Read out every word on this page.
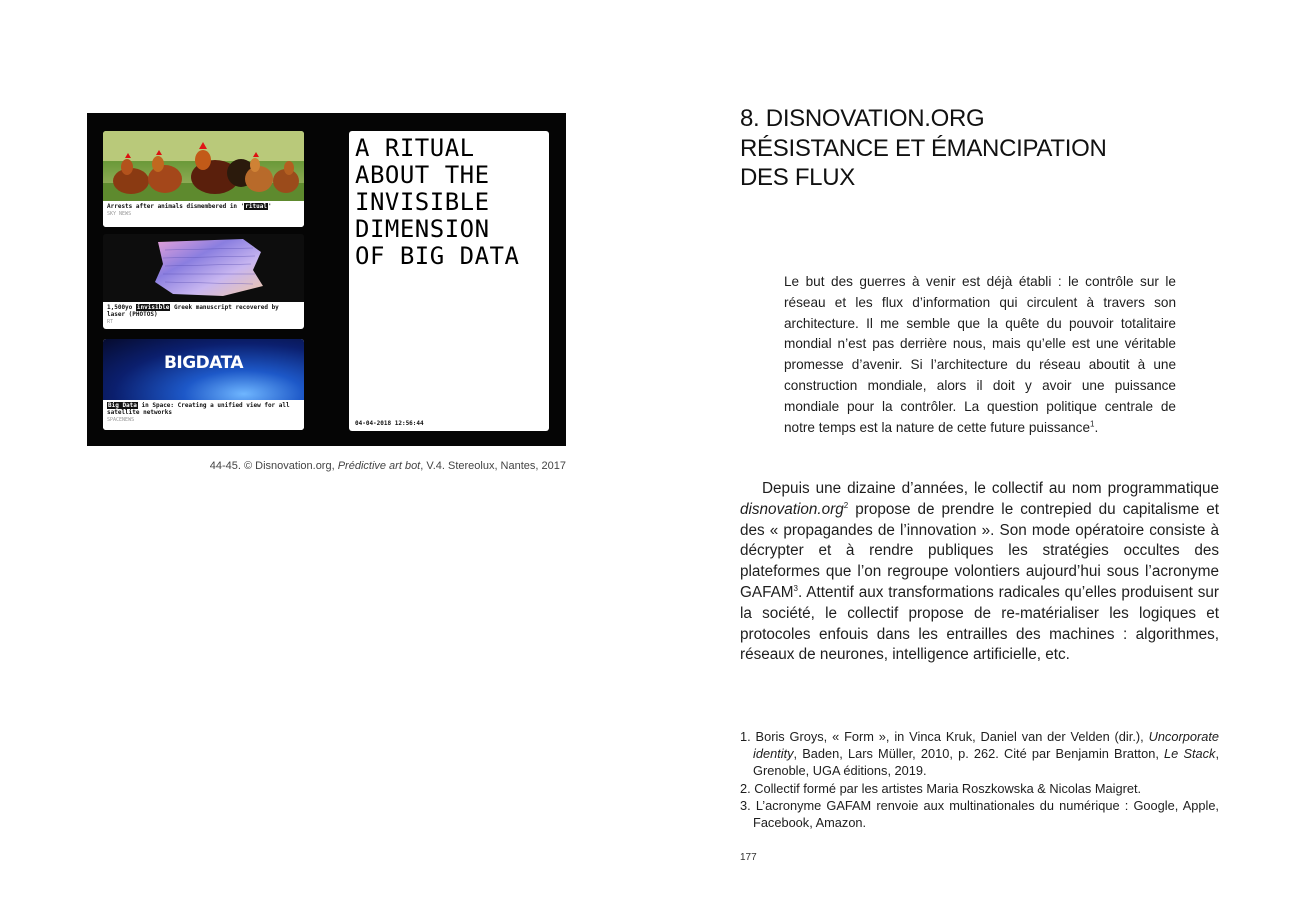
Arrests after animals dismembered in 'ritual'
SKY NEWS
1,500yo invisible Greek manuscript recovered by laser (PHOTOS)
RT
BIGDATA
Big Data in Space: Creating a unified view for all satellite networks
SPACENEWS
A RITUAL
ABOUT THE
INVISIBLE
DIMENSION
OF BIG DATA
04-04-2018 12:56:44
44-45. © Disnovation.org, Prédictive art bot, V.4. Stereolux, Nantes, 2017
8. DISNOVATION.ORG
RÉSISTANCE ET ÉMANCIPATION
DES FLUX
Le but des guerres à venir est déjà établi : le contrôle sur le réseau et les flux d’information qui circulent à travers son architecture. Il me semble que la quête du pouvoir totalitaire mondial n’est pas derrière nous, mais qu’elle est une véritable promesse d’avenir. Si l’architecture du réseau aboutit à une construction mondiale, alors il doit y avoir une puissance mondiale pour la contrôler. La question politique centrale de notre temps est la nature de cette future puissance$^1$.

Depuis une dizaine d’années, le collectif au nom programmatique disnovation.org$^2$ propose de prendre le contrepied du capitalisme et des « propagandes de l’innovation ». Son mode opératoire consiste à décrypter et à rendre publiques les stratégies occultes des plateformes que l’on regroupe volontiers aujourd’hui sous l’acronyme GAFAM$^3$. Attentif aux transformations radicales qu’elles produisent sur la société, le collectif propose de re-matérialiser les logiques et protocoles enfouis dans les entrailles des machines : algorithmes, réseaux de neurones, intelligence artificielle, etc.

1. Boris Groys, « Form », in Vinca Kruk, Daniel van der Velden (dir.), Uncorporate identity, Baden, Lars Müller, 2010, p. 262. Cité par Benjamin Bratton, Le Stack, Grenoble, UGA éditions, 2019.

2. Collectif formé par les artistes Maria Roszkowska & Nicolas Maigret.

3. L’acronyme GAFAM renvoie aux multinationales du numérique : Google, Apple, Facebook, Amazon.

177
